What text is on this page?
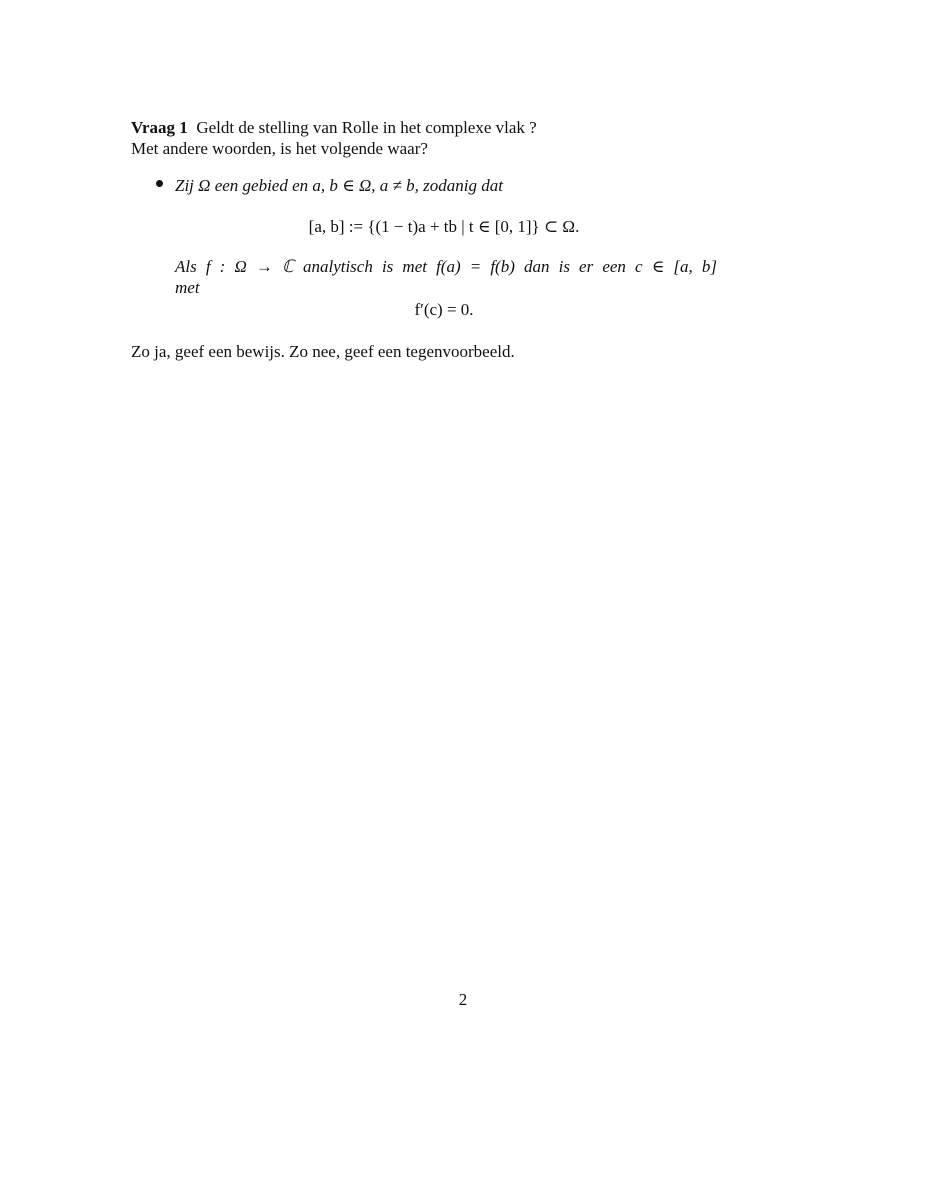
Vraag 1 Geldt de stelling van Rolle in het complexe vlak ?
Met andere woorden, is het volgende waar?
Zij Ω een gebied en a, b ∈ Ω, a ≠ b, zodanig dat
[a, b] := {(1 − t)a + tb | t ∈ [0, 1]} ⊂ Ω.
Als f : Ω → ℂ analytisch is met f(a) = f(b) dan is er een c ∈ [a, b]
met
f′(c) = 0.
Zo ja, geef een bewijs. Zo nee, geef een tegenvoorbeeld.
2
